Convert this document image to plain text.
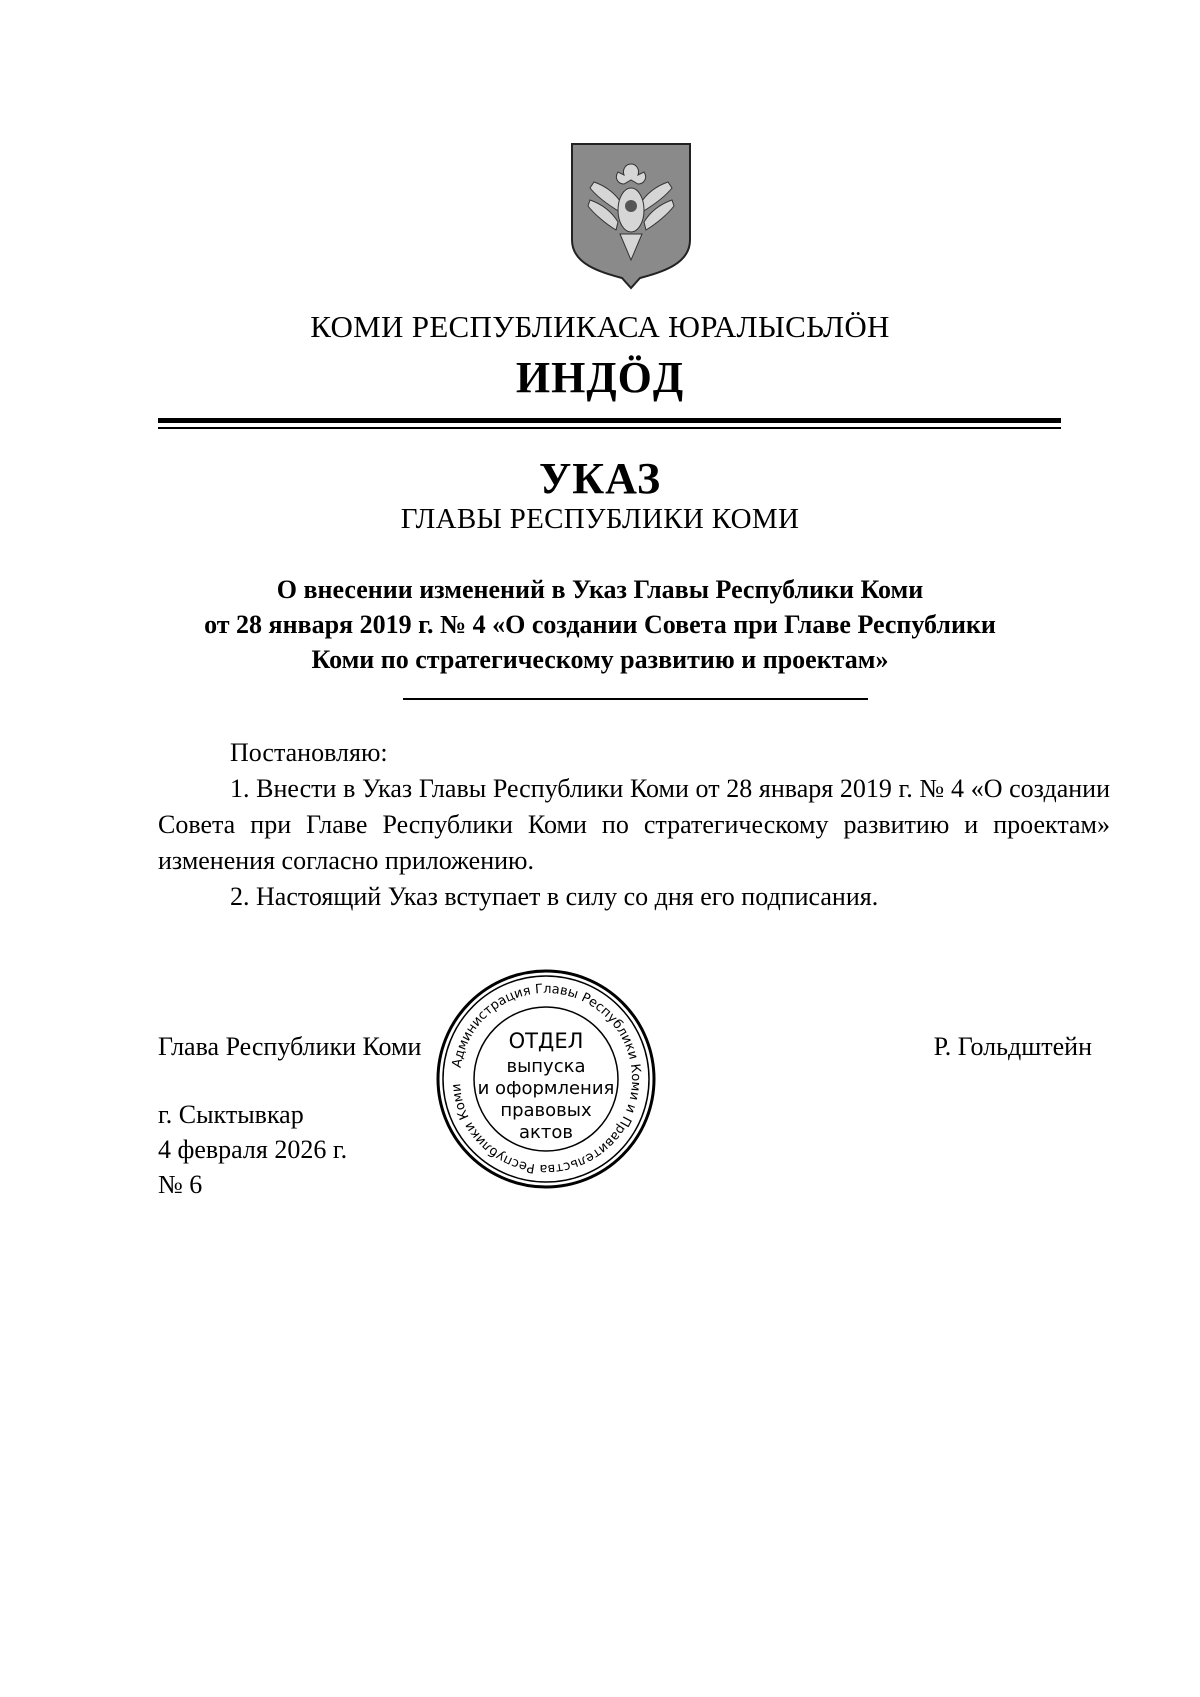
КОМИ РЕСПУБЛИКАСА ЮРАЛЫСЬЛÖН
ИНДÖД
УКАЗ
ГЛАВЫ РЕСПУБЛИКИ КОМИ
О внесении изменений в Указ Главы Республики Коми
от 28 января 2019 г. № 4 «О создании Совета при Главе Республики
Коми по стратегическому развитию и проектам»

Постановляю:

1. Внести в Указ Главы Республики Коми от 28 января 2019 г. № 4 «О создании Совета при Главе Республики Коми по стратегическому развитию и проектам» изменения согласно приложению.

2. Настоящий Указ вступает в силу со дня его подписания.

Глава Республики Коми	Р. Гольдштейн
г. Сыктывкар
4 февраля 2026 г.
№ 6
Администрация Главы Республики Коми и Правительства Республики Коми
ОТДЕЛ
выпуска
и оформления
правовых
актов
